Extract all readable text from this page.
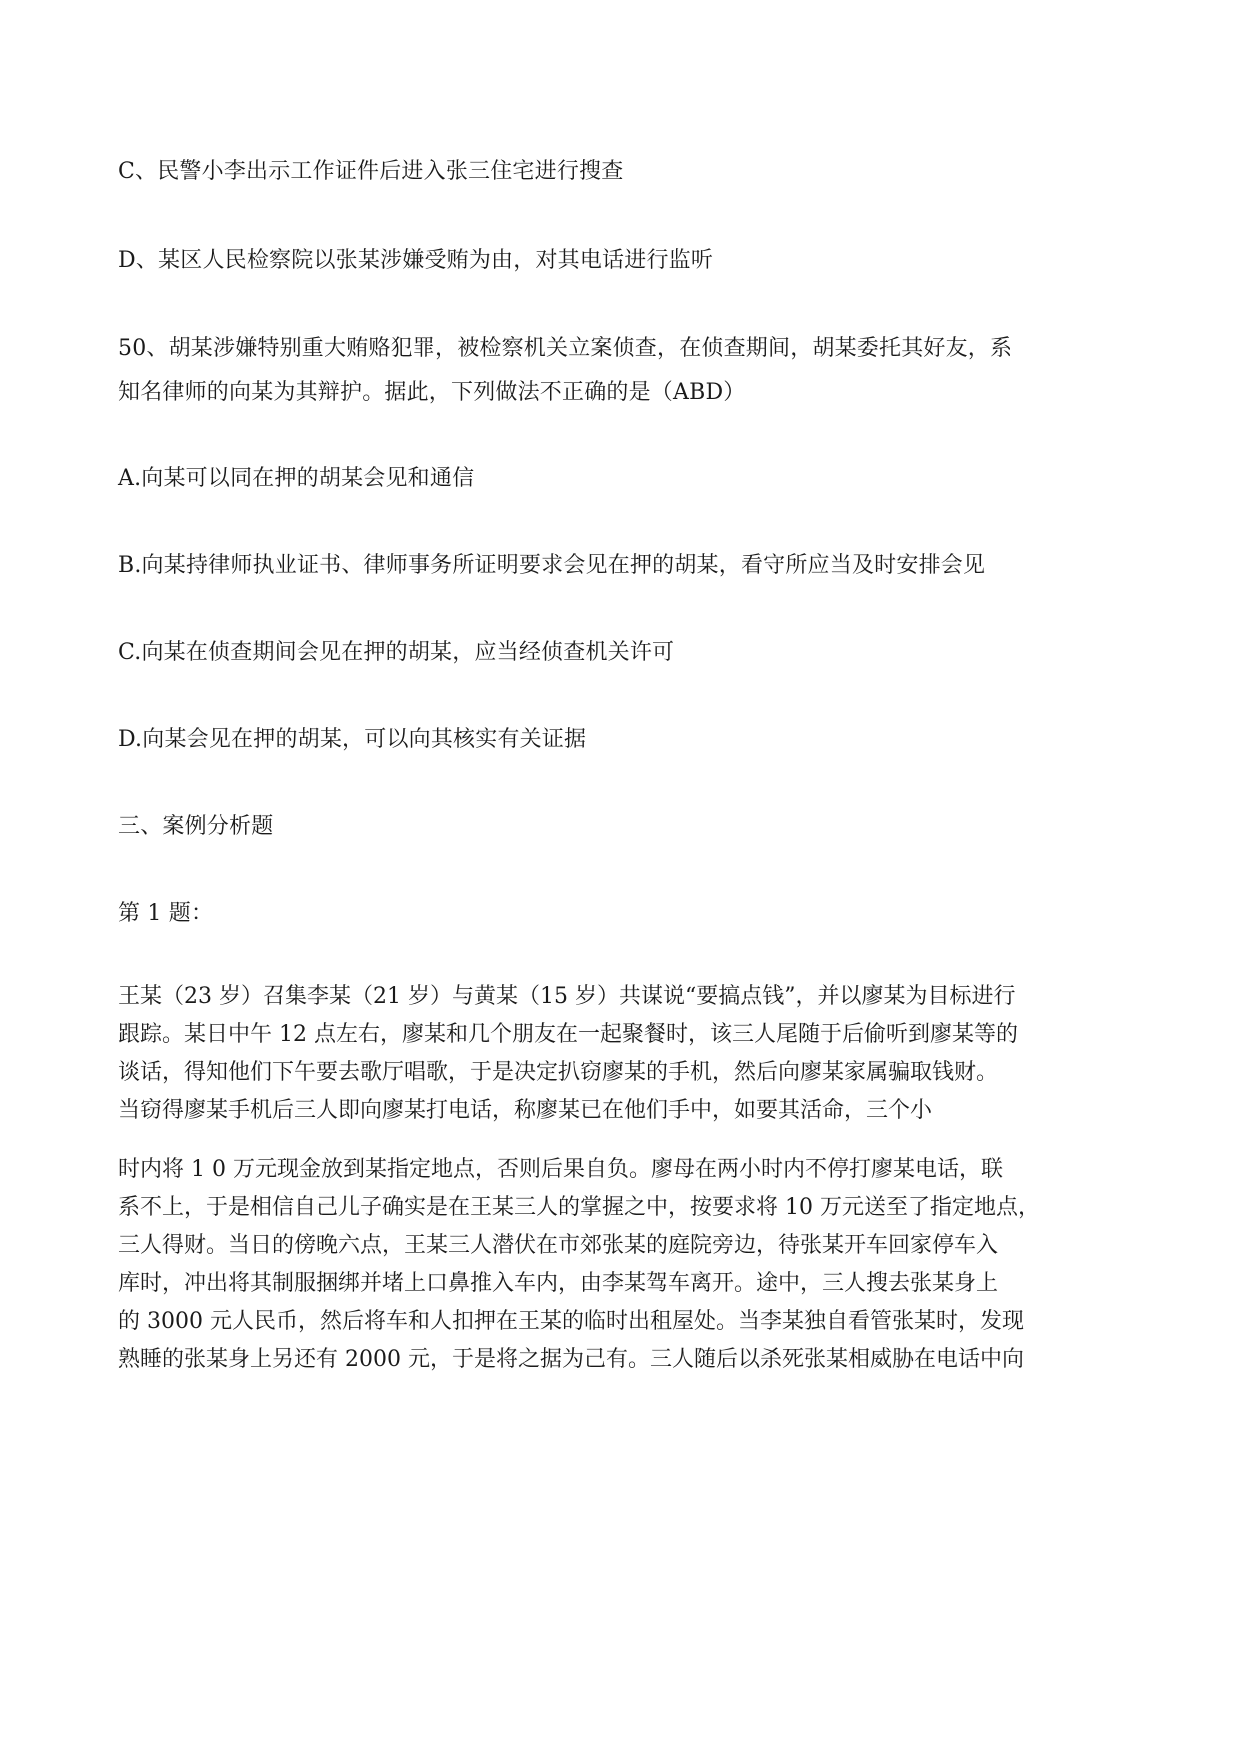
C、民警小李出示工作证件后进入张三住宅进行搜查
D、某区人民检察院以张某涉嫌受贿为由，对其电话进行监听
50、胡某涉嫌特别重大贿赂犯罪，被检察机关立案侦查，在侦查期间，胡某委托其好友，系
知名律师的向某为其辩护。据此，下列做法不正确的是（ABD）
A.向某可以同在押的胡某会见和通信
B.向某持律师执业证书、律师事务所证明要求会见在押的胡某，看守所应当及时安排会见
C.向某在侦查期间会见在押的胡某，应当经侦查机关许可
D.向某会见在押的胡某，可以向其核实有关证据
三、案例分析题
第 1 题：
王某（23 岁）召集李某（21 岁）与黄某（15 岁）共谋说“要搞点钱”，并以廖某为目标进行
跟踪。某日中午 12 点左右，廖某和几个朋友在一起聚餐时，该三人尾随于后偷听到廖某等的
谈话，得知他们下午要去歌厅唱歌，于是决定扒窃廖某的手机，然后向廖某家属骗取钱财。
当窃得廖某手机后三人即向廖某打电话，称廖某已在他们手中，如要其活命，三个小
时内将 1 0 万元现金放到某指定地点，否则后果自负。廖母在两小时内不停打廖某电话，联
系不上，于是相信自己儿子确实是在王某三人的掌握之中，按要求将 10 万元送至了指定地点，
三人得财。当日的傍晚六点，王某三人潜伏在市郊张某的庭院旁边，待张某开车回家停车入
库时，冲出将其制服捆绑并堵上口鼻推入车内，由李某驾车离开。途中，三人搜去张某身上
的 3000 元人民币，然后将车和人扣押在王某的临时出租屋处。当李某独自看管张某时，发现
熟睡的张某身上另还有 2000 元，于是将之据为己有。三人随后以杀死张某相威胁在电话中向
